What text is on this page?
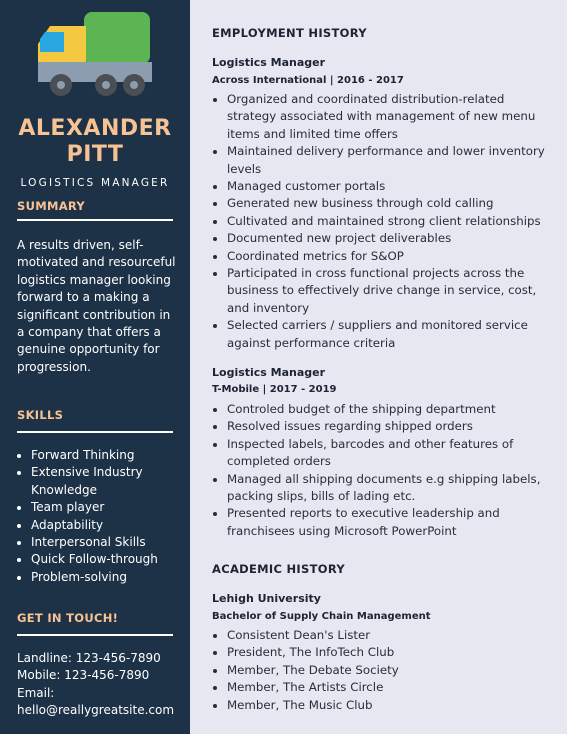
ALEXANDER
PITT
LOGISTICS MANAGER
SUMMARY
A results driven, self-motivated and resourceful logistics manager looking forward to a making a significant contribution in a company that offers a genuine opportunity for progression.
SKILLS
• Forward Thinking
• Extensive Industry Knowledge
• Team player
• Adaptability
• Interpersonal Skills
• Quick Follow-through
• Problem-solving
GET IN TOUCH!
Landline: 123-456-7890
Mobile: 123-456-7890
Email:
hello@reallygreatsite.com
EMPLOYMENT HISTORY
Logistics Manager
Across International | 2016 - 2017
• Organized and coordinated distribution-related strategy associated with management of new menu items and limited time offers
• Maintained delivery performance and lower inventory levels
• Managed customer portals
• Generated new business through cold calling
• Cultivated and maintained strong client relationships
• Documented new project deliverables
• Coordinated metrics for S&OP
• Participated in cross functional projects across the business to effectively drive change in service, cost, and inventory
• Selected carriers / suppliers and monitored service against performance criteria
Logistics Manager
T-Mobile | 2017 - 2019
• Controled budget of the shipping department
• Resolved issues regarding shipped orders
• Inspected labels, barcodes and other features of completed orders
• Managed all shipping documents e.g shipping labels, packing slips, bills of lading etc.
• Presented reports to executive leadership and franchisees using Microsoft PowerPoint
ACADEMIC HISTORY
Lehigh University
Bachelor of Supply Chain Management
• Consistent Dean's Lister
• President, The InfoTech Club
• Member, The Debate Society
• Member, The Artists Circle
• Member, The Music Club
